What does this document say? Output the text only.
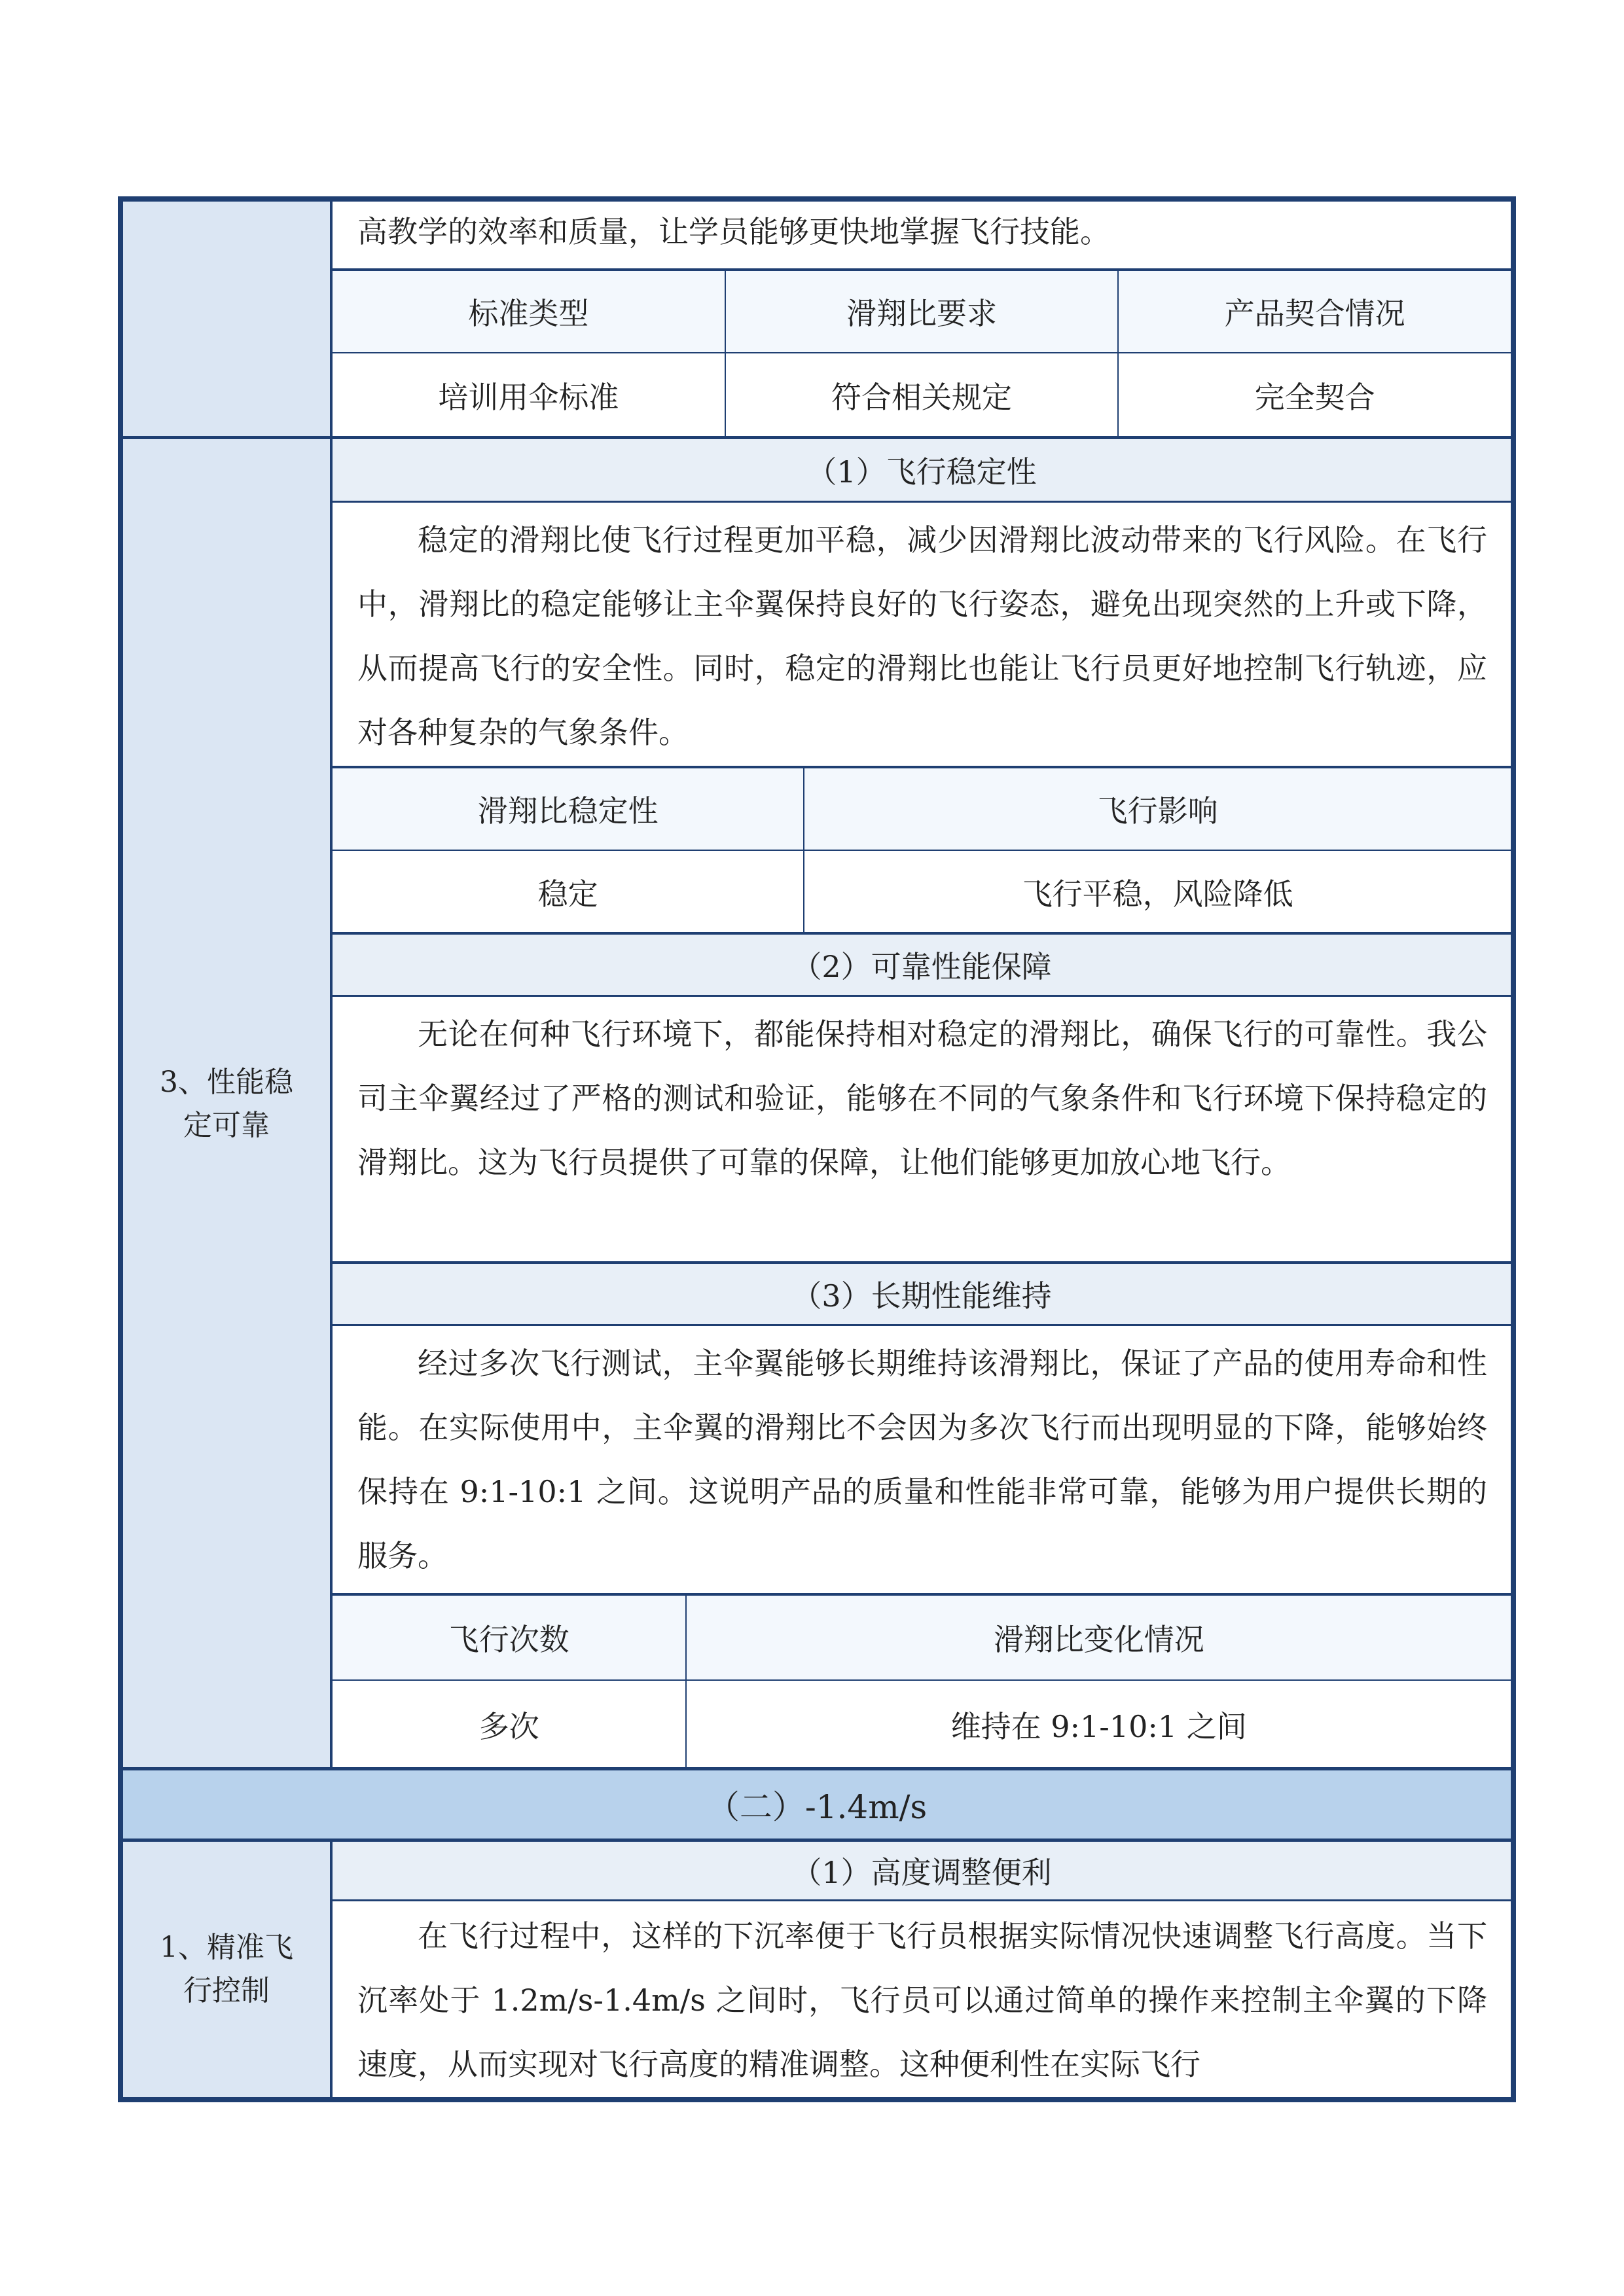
高教学的效率和质量，让学员能够更快地掌握飞行技能。
标准类型	滑翔比要求	产品契合情况
培训用伞标准	符合相关规定	完全契合
3、性能稳
定可靠
（1）飞行稳定性

稳定的滑翔比使飞行过程更加平稳，减少因滑翔比波动带来的飞行风险。在飞行中，滑翔比的稳定能够让主伞翼保持良好的飞行姿态，避免出现突然的上升或下降，从而提高飞行的安全性。同时，稳定的滑翔比也能让飞行员更好地控制飞行轨迹，应对各种复杂的气象条件。

滑翔比稳定性	飞行影响
稳定	飞行平稳，风险降低
（2）可靠性能保障

无论在何种飞行环境下，都能保持相对稳定的滑翔比，确保飞行的可靠性。我公司主伞翼经过了严格的测试和验证，能够在不同的气象条件和飞行环境下保持稳定的滑翔比。这为飞行员提供了可靠的保障，让他们能够更加放心地飞行。

（3）长期性能维持

经过多次飞行测试，主伞翼能够长期维持该滑翔比，保证了产品的使用寿命和性能。在实际使用中，主伞翼的滑翔比不会因为多次飞行而出现明显的下降，能够始终保持在 9:1-10:1 之间。这说明产品的质量和性能非常可靠，能够为用户提供长期的服务。

飞行次数	滑翔比变化情况
多次	维持在 9:1-10:1 之间
（二）-1.4m/s
1、精准飞
行控制
（1）高度调整便利

在飞行过程中，这样的下沉率便于飞行员根据实际情况快速调整飞行高度。当下沉率处于 1.2m/s-1.4m/s 之间时，飞行员可以通过简单的操作来控制主伞翼的下降速度，从而实现对飞行高度的精准调整。这种便利性在实际飞行
